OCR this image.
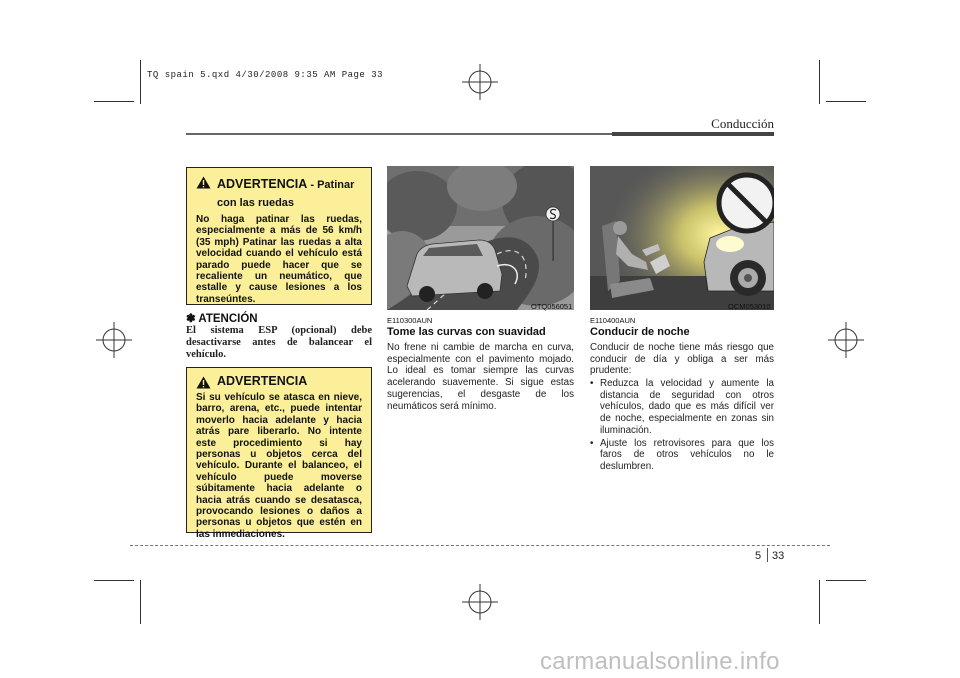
TQ spain 5.qxd 4/30/2008 9:35 AM Page 33
Conducción
ADVERTENCIA - Patinar con las ruedas
No haga patinar las ruedas, especialmente a más de 56 km/h (35 mph) Patinar las ruedas a alta velocidad cuando el vehículo está parado puede hacer que se recaliente un neumático, que estalle y cause lesiones a los transeúntes.
✽ ATENCIÓN
El sistema ESP (opcional) debe desactivarse antes de balancear el vehículo.
ADVERTENCIA
Si su vehículo se atasca en nieve, barro, arena, etc., puede intentar moverlo hacia adelante y hacia atrás pare liberarlo. No intente este procedimiento si hay personas u objetos cerca del vehículo. Durante el balanceo, el vehículo puede moverse súbitamente hacia adelante o hacia atrás cuando se desatasca, provocando lesiones o daños a personas u objetos que estén en las inmediaciones.
OTQ056051	OCM053010
E110300AUN
Tome las curvas con suavidad
No frene ni cambie de marcha en curva, especialmente con el pavimento mojado. Lo ideal es tomar siempre las curvas acelerando suavemente. Si sigue estas sugerencias, el desgaste de los neumáticos será mínimo.
E110400AUN
Conducir de noche
Conducir de noche tiene más riesgo que conducir de día y obliga a ser más prudente:
• Reduzca la velocidad y aumente la distancia de seguridad con otros vehículos, dado que es más difícil ver de noche, especialmente en zonas sin iluminación.
• Ajuste los retrovisores para que los faros de otros vehículos no le deslumbren.
5 33
carmanualsonline.info
